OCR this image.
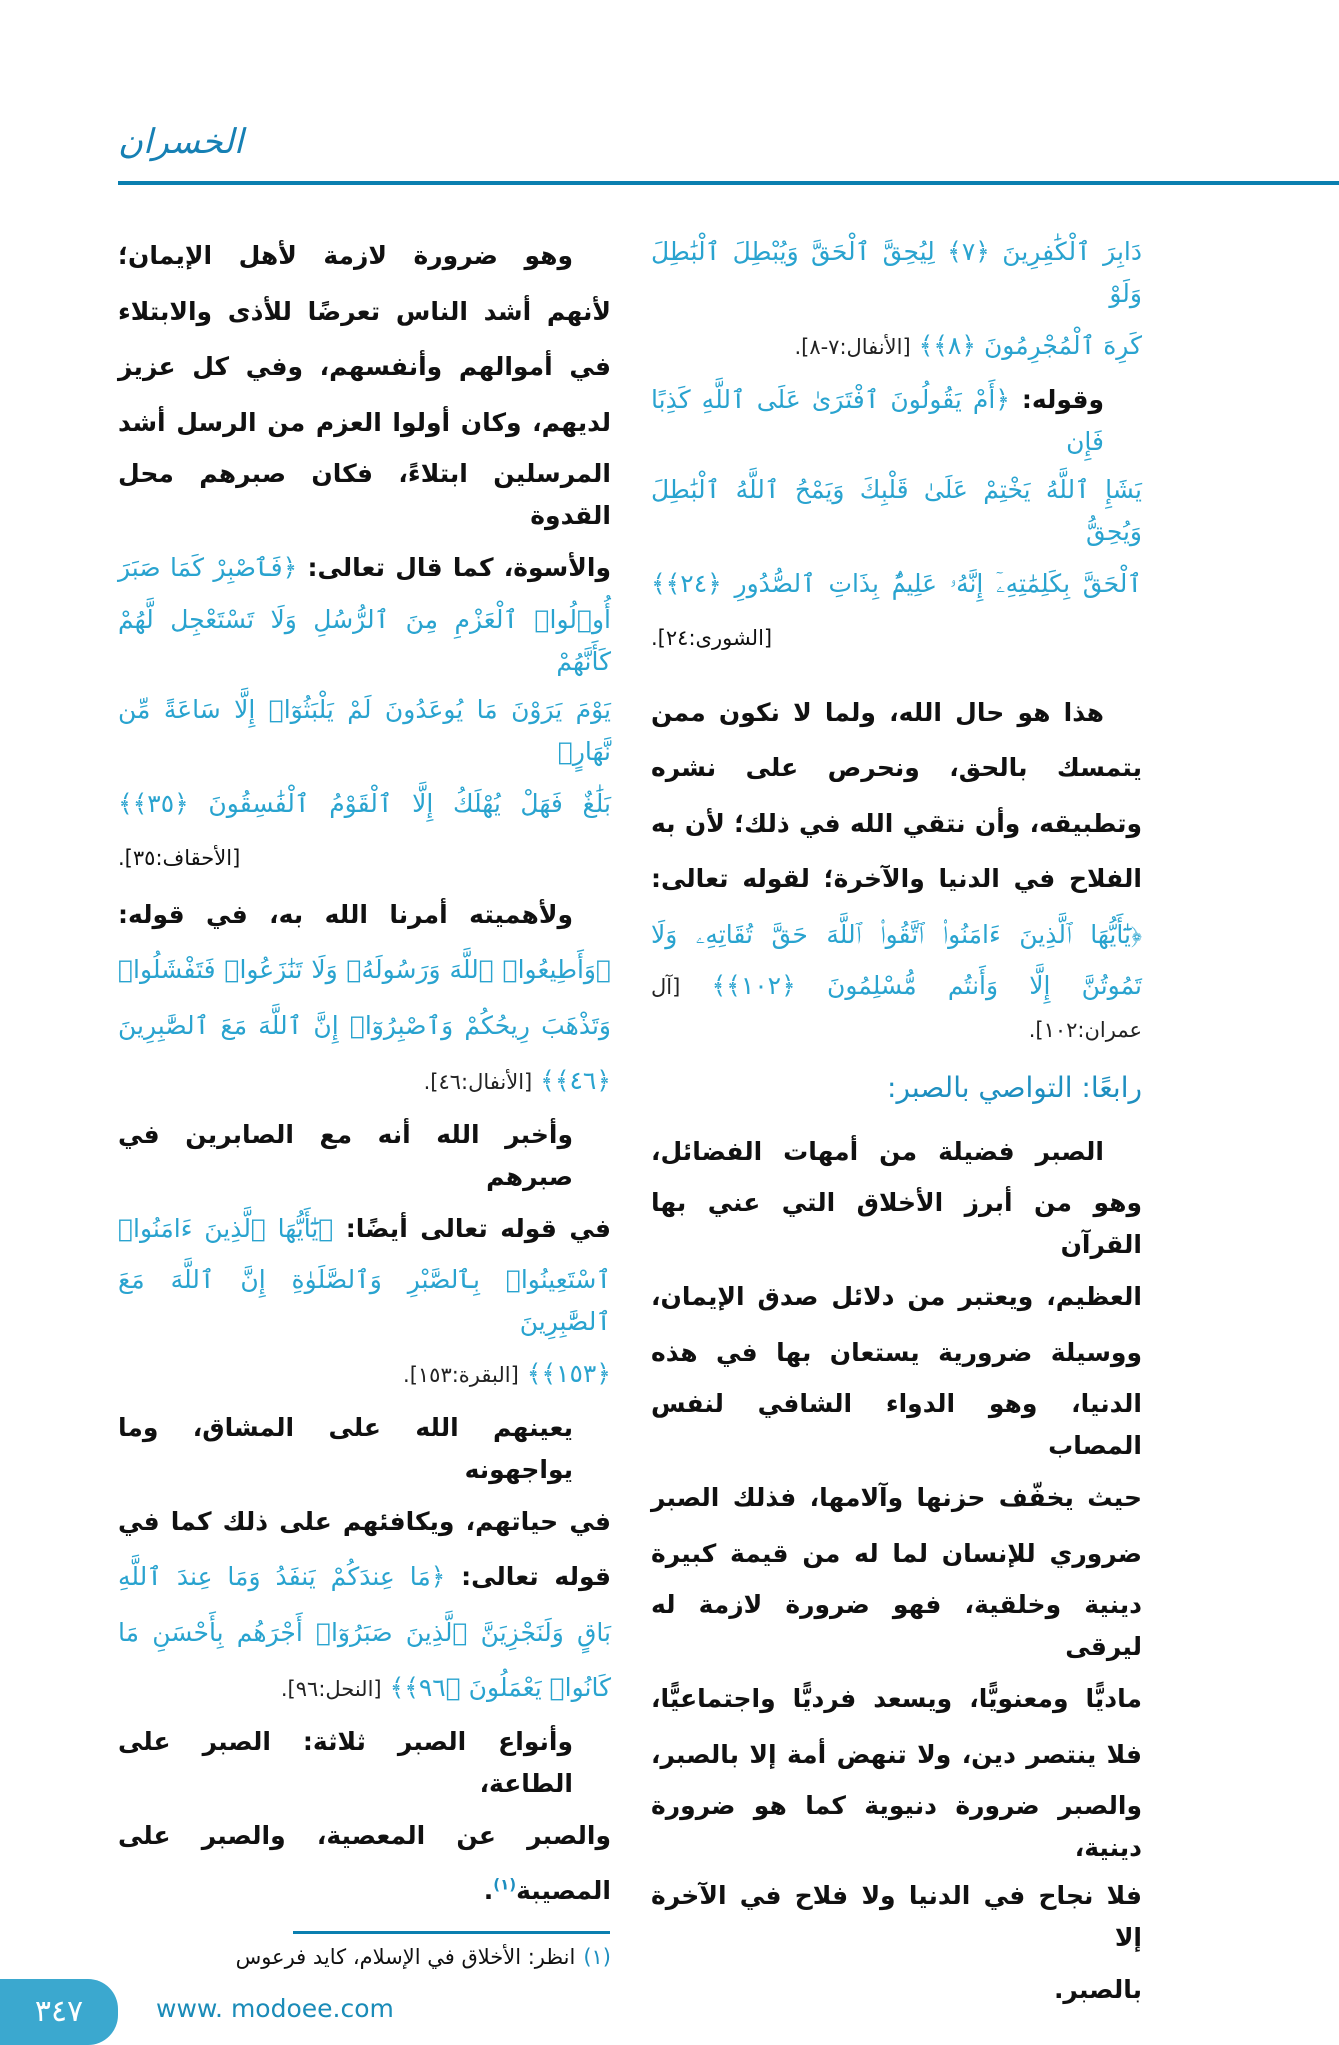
الخسران
دَابِرَ ٱلْكَٰفِرِينَ ﴿٧﴾ لِيُحِقَّ ٱلْحَقَّ وَيُبْطِلَ ٱلْبَٰطِلَ وَلَوْ
كَرِهَ ٱلْمُجْرِمُونَ ﴿٨﴾﴾ [الأنفال:٧-٨].
وقوله: ﴿أَمْ يَقُولُونَ ٱفْتَرَىٰ عَلَى ٱللَّهِ كَذِبًا فَإِن
يَشَإِ ٱللَّهُ يَخْتِمْ عَلَىٰ قَلْبِكَ وَيَمْحُ ٱللَّهُ ٱلْبَٰطِلَ وَيُحِقُّ
ٱلْحَقَّ بِكَلِمَٰتِهِۦٓ إِنَّهُۥ عَلِيمٌۢ بِذَاتِ ٱلصُّدُورِ ﴿٢٤﴾﴾
[الشورى:٢٤].
هذا هو حال الله، ولما لا نكون ممن
يتمسك بالحق، ونحرص على نشره
وتطبيقه، وأن نتقي الله في ذلك؛ لأن به
الفلاح في الدنيا والآخرة؛ لقوله تعالى:
﴿يَٰٓأَيُّهَا ٱلَّذِينَ ءَامَنُوا۟ ٱتَّقُوا۟ ٱللَّهَ حَقَّ تُقَاتِهِۦ وَلَا
تَمُوتُنَّ إِلَّا وَأَنتُم مُّسْلِمُونَ ﴿١٠٢﴾﴾ [آل عمران:١٠٢].
رابعًا: التواصي بالصبر:
الصبر فضيلة من أمهات الفضائل،
وهو من أبرز الأخلاق التي عني بها القرآن
العظيم، ويعتبر من دلائل صدق الإيمان،
ووسيلة ضرورية يستعان بها في هذه
الدنيا، وهو الدواء الشافي لنفس المصاب
حيث يخفّف حزنها وآلامها، فذلك الصبر
ضروري للإنسان لما له من قيمة كبيرة
دينية وخلقية، فهو ضرورة لازمة له ليرقى
ماديًّا ومعنويًّا، ويسعد فرديًّا واجتماعيًّا،
فلا ينتصر دين، ولا تنهض أمة إلا بالصبر،
والصبر ضرورة دنيوية كما هو ضرورة دينية،
فلا نجاح في الدنيا ولا فلاح في الآخرة إلا
بالصبر.
وهو ضرورة لازمة لأهل الإيمان؛
لأنهم أشد الناس تعرضًا للأذى والابتلاء
في أموالهم وأنفسهم، وفي كل عزيز
لديهم، وكان أولوا العزم من الرسل أشد
المرسلين ابتلاءً، فكان صبرهم محل القدوة
والأسوة، كما قال تعالى: ﴿فَٱصْبِرْ كَمَا صَبَرَ
أُو۟لُوا۟ ٱلْعَزْمِ مِنَ ٱلرُّسُلِ وَلَا تَسْتَعْجِل لَّهُمْ كَأَنَّهُمْ
يَوْمَ يَرَوْنَ مَا يُوعَدُونَ لَمْ يَلْبَثُوٓا۟ إِلَّا سَاعَةً مِّن نَّهَارٍۭ
بَلَٰغٌ فَهَلْ يُهْلَكُ إِلَّا ٱلْقَوْمُ ٱلْفَٰسِقُونَ ﴿٣٥﴾﴾
[الأحقاف:٣٥].
ولأهميته أمرنا الله به، في قوله:
﴿وَأَطِيعُوا۟ ٱللَّهَ وَرَسُولَهُۥ وَلَا تَنَٰزَعُوا۟ فَتَفْشَلُوا۟
وَتَذْهَبَ رِيحُكُمْ وَٱصْبِرُوٓا۟ إِنَّ ٱللَّهَ مَعَ ٱلصَّٰبِرِينَ
﴿٤٦﴾﴾ [الأنفال:٤٦].
وأخبر الله أنه مع الصابرين في صبرهم
في قوله تعالى أيضًا: ﴿يَٰٓأَيُّهَا ٱلَّذِينَ ءَامَنُوا۟
ٱسْتَعِينُوا۟ بِٱلصَّبْرِ وَٱلصَّلَوٰةِ إِنَّ ٱللَّهَ مَعَ ٱلصَّٰبِرِينَ
﴿١٥٣﴾﴾ [البقرة:١٥٣].
يعينهم الله على المشاق، وما يواجهونه
في حياتهم، ويكافئهم على ذلك كما في
قوله تعالى: ﴿مَا عِندَكُمْ يَنفَدُ وَمَا عِندَ ٱللَّهِ
بَاقٍ وَلَنَجْزِيَنَّ ٱلَّذِينَ صَبَرُوٓا۟ أَجْرَهُم بِأَحْسَنِ مَا
كَانُوا۟ يَعْمَلُونَ ﴿٩٦﴾﴾ [النحل:٩٦].
وأنواع الصبر ثلاثة: الصبر على الطاعة،
والصبر عن المعصية، والصبر على
المصيبة$^{(١)}$.
(١)انظر: الأخلاق في الإسلام، كايد فرعوس
٣٤٧	www. modoee.com
